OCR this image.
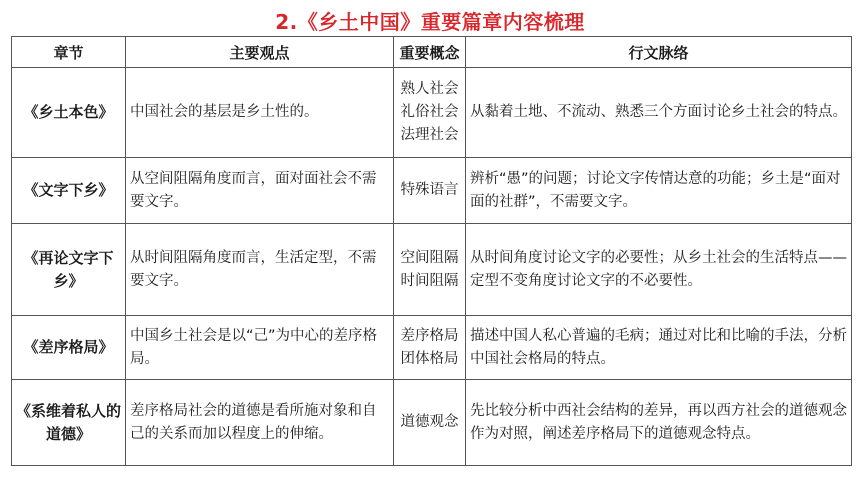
2.《乡土中国》重要篇章内容梳理
章节	主要观点	重要概念	行文脉络
《乡土本色》	中国社会的基层是乡土性的。	熟人社会
礼俗社会
法理社会	从黏着土地、不流动、熟悉三个方面讨论乡土社会的特点。
《文字下乡》	从空间阻隔角度而言，面对面社会不需要文字。	特殊语言	辨析“愚”的问题；讨论文字传情达意的功能；乡土是“面对面的社群”，不需要文字。
《再论文字下乡》	从时间阻隔角度而言，生活定型，不需要文字。	空间阻隔
时间阻隔	从时间角度讨论文字的必要性；从乡土社会的生活特点——定型不变角度讨论文字的不必要性。
《差序格局》	中国乡土社会是以“己”为中心的差序格局。	差序格局
团体格局	描述中国人私心普遍的毛病；通过对比和比喻的手法，分析中国社会格局的特点。
《系维着私人的道德》	差序格局社会的道德是看所施对象和自己的关系而加以程度上的伸缩。	道德观念	先比较分析中西社会结构的差异，再以西方社会的道德观念作为对照，阐述差序格局下的道德观念特点。
